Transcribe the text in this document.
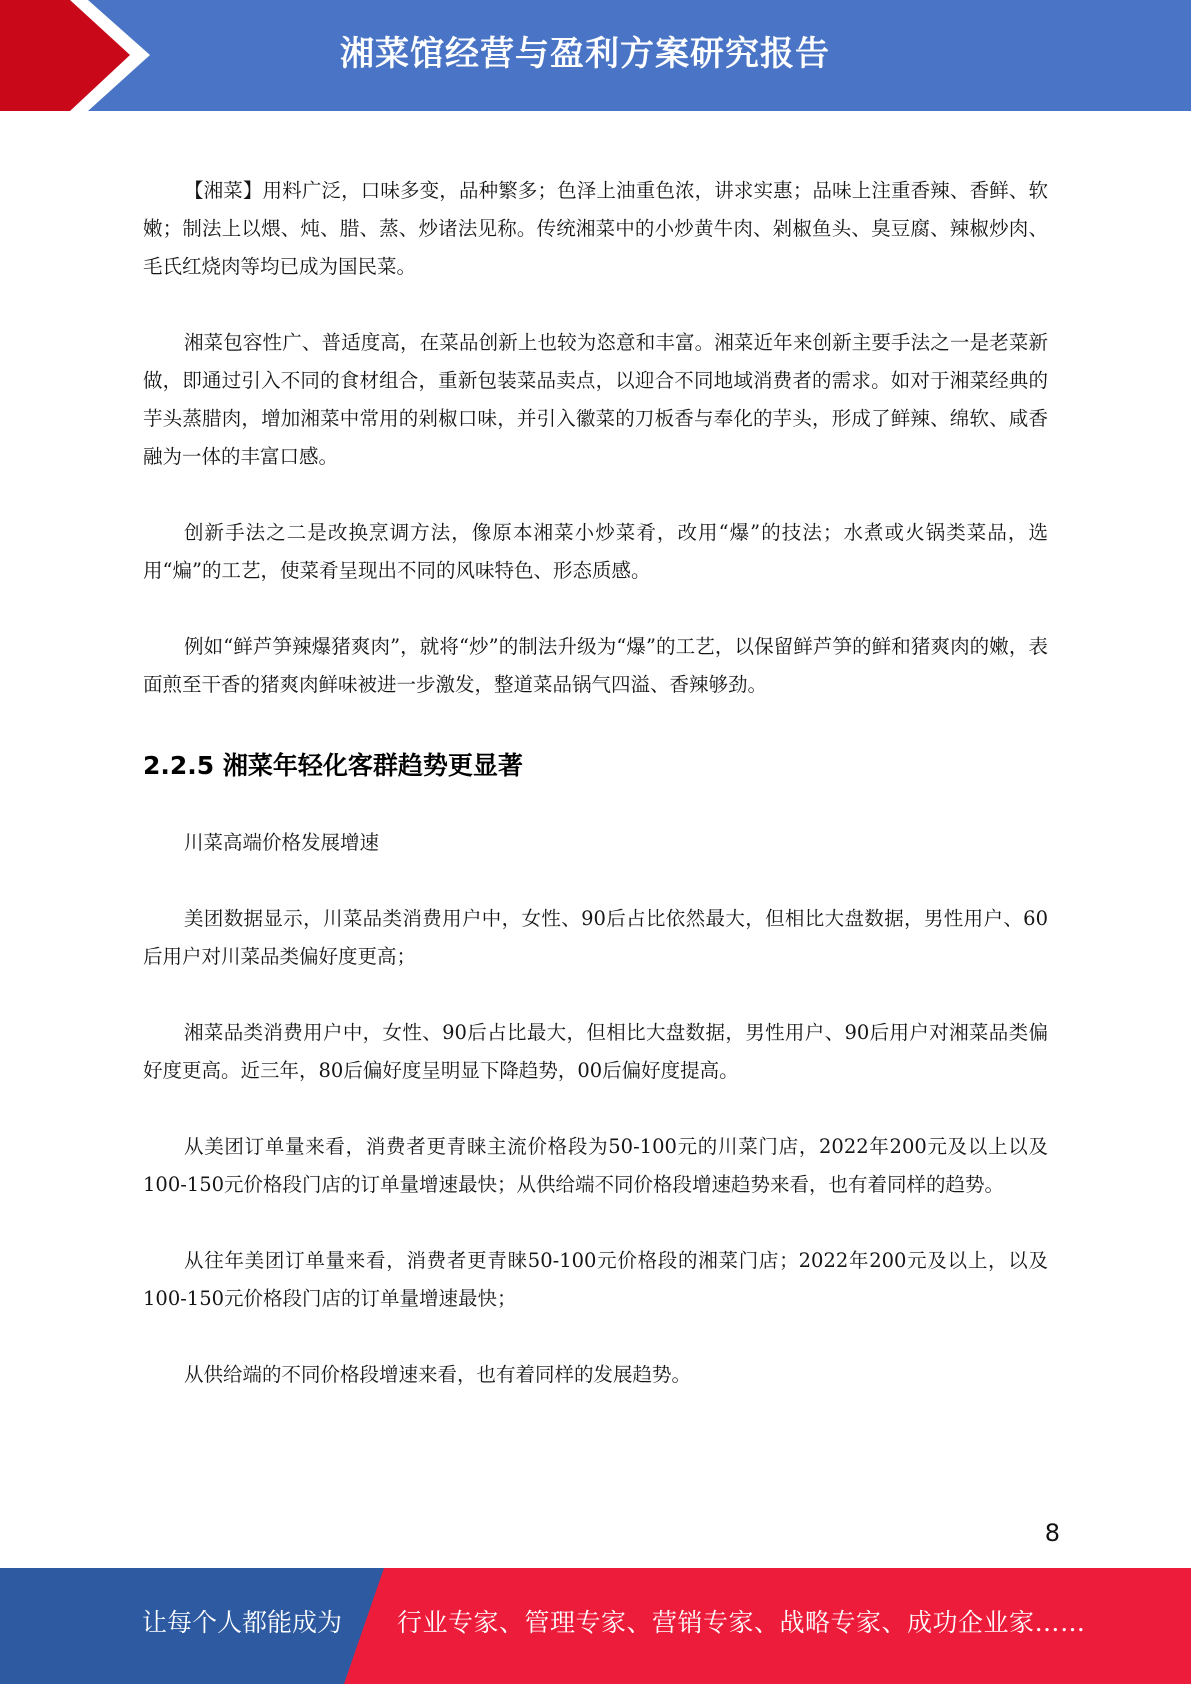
湘菜馆经营与盈利方案研究报告

【湘菜】用料广泛，口味多变，品种繁多；色泽上油重色浓，讲求实惠；品味上注重香辣、香鲜、软嫩；制法上以煨、炖、腊、蒸、炒诸法见称。传统湘菜中的小炒黄牛肉、剁椒鱼头、臭豆腐、辣椒炒肉、毛氏红烧肉等均已成为国民菜。

湘菜包容性广、普适度高，在菜品创新上也较为恣意和丰富。湘菜近年来创新主要手法之一是老菜新做，即通过引入不同的食材组合，重新包装菜品卖点，以迎合不同地域消费者的需求。如对于湘菜经典的芋头蒸腊肉，增加湘菜中常用的剁椒口味，并引入徽菜的刀板香与奉化的芋头，形成了鲜辣、绵软、咸香融为一体的丰富口感。

创新手法之二是改换烹调方法，像原本湘菜小炒菜肴，改用“爆”的技法；水煮或火锅类菜品，选用“煸”的工艺，使菜肴呈现出不同的风味特色、形态质感。

例如“鲜芦笋辣爆猪爽肉”，就将“炒”的制法升级为“爆”的工艺，以保留鲜芦笋的鲜和猪爽肉的嫩，表面煎至干香的猪爽肉鲜味被进一步激发，整道菜品锅气四溢、香辣够劲。

2.2.5 湘菜年轻化客群趋势更显著

川菜高端价格发展增速

美团数据显示，川菜品类消费用户中，女性、90后占比依然最大，但相比大盘数据，男性用户、60后用户对川菜品类偏好度更高；

湘菜品类消费用户中，女性、90后占比最大，但相比大盘数据，男性用户、90后用户对湘菜品类偏好度更高。近三年，80后偏好度呈明显下降趋势，00后偏好度提高。

从美团订单量来看，消费者更青睐主流价格段为50-100元的川菜门店，2022年200元及以上以及100-150元价格段门店的订单量增速最快；从供给端不同价格段增速趋势来看，也有着同样的趋势。

从往年美团订单量来看，消费者更青睐50-100元价格段的湘菜门店；2022年200元及以上，以及100-150元价格段门店的订单量增速最快；

从供给端的不同价格段增速来看，也有着同样的发展趋势。

8
让每个人都能成为 行业专家、管理专家、营销专家、战略专家、成功企业家……
